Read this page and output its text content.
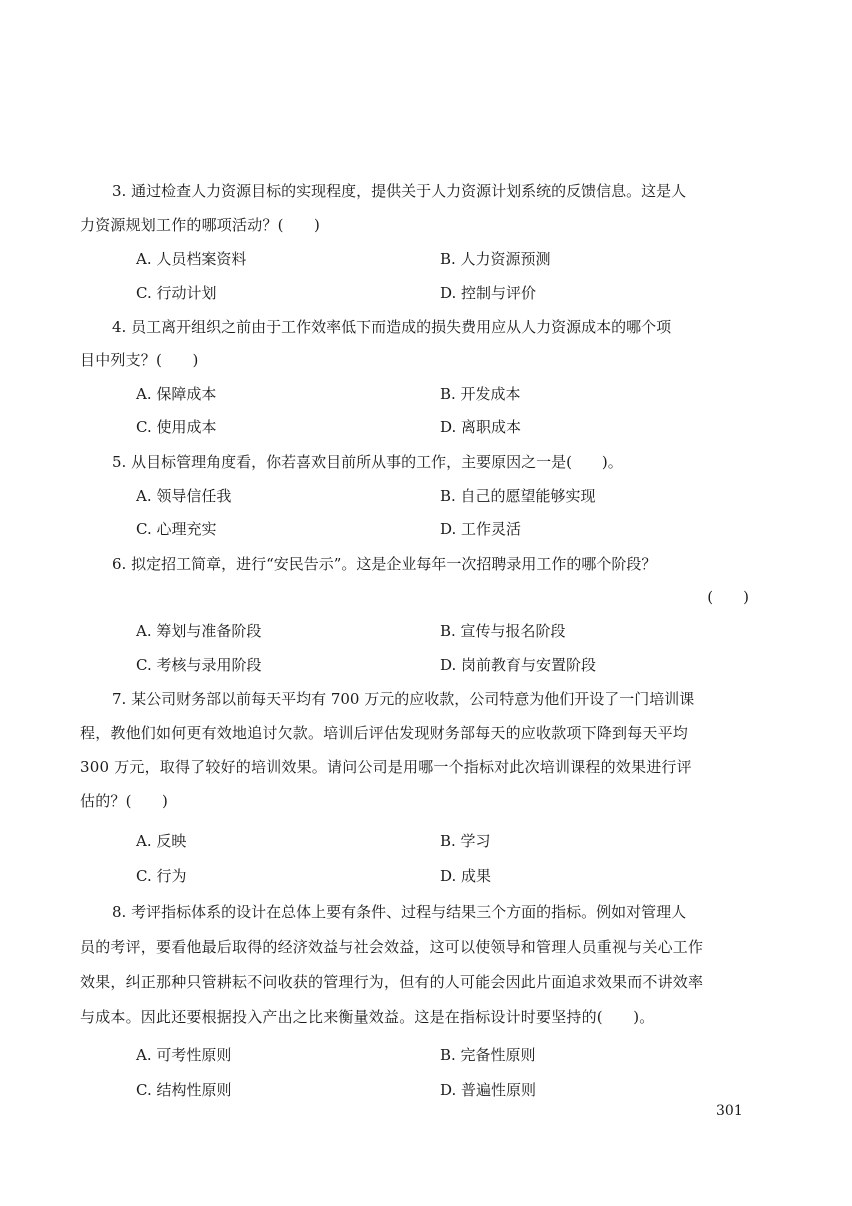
3. 通过检查人力资源目标的实现程度，提供关于人力资源计划系统的反馈信息。这是人
力资源规划工作的哪项活动？(　　)
A. 人员档案资料	B. 人力资源预测
C. 行动计划	D. 控制与评价
4. 员工离开组织之前由于工作效率低下而造成的损失费用应从人力资源成本的哪个项
目中列支？(　　)
A. 保障成本	B. 开发成本
C. 使用成本	D. 离职成本
5. 从目标管理角度看，你若喜欢目前所从事的工作，主要原因之一是(　　)。
A. 领导信任我	B. 自己的愿望能够实现
C. 心理充实	D. 工作灵活
6. 拟定招工简章，进行“安民告示”。这是企业每年一次招聘录用工作的哪个阶段？
(　　)
A. 筹划与准备阶段	B. 宣传与报名阶段
C. 考核与录用阶段	D. 岗前教育与安置阶段
7. 某公司财务部以前每天平均有 700 万元的应收款，公司特意为他们开设了一门培训课
程，教他们如何更有效地追讨欠款。培训后评估发现财务部每天的应收款项下降到每天平均
300 万元，取得了较好的培训效果。请问公司是用哪一个指标对此次培训课程的效果进行评
估的？(　　)
A. 反映	B. 学习
C. 行为	D. 成果
8. 考评指标体系的设计在总体上要有条件、过程与结果三个方面的指标。例如对管理人
员的考评，要看他最后取得的经济效益与社会效益，这可以使领导和管理人员重视与关心工作
效果，纠正那种只管耕耘不问收获的管理行为，但有的人可能会因此片面追求效果而不讲效率
与成本。因此还要根据投入产出之比来衡量效益。这是在指标设计时要坚持的(　　)。
A. 可考性原则	B. 完备性原则
C. 结构性原则	D. 普遍性原则
301
